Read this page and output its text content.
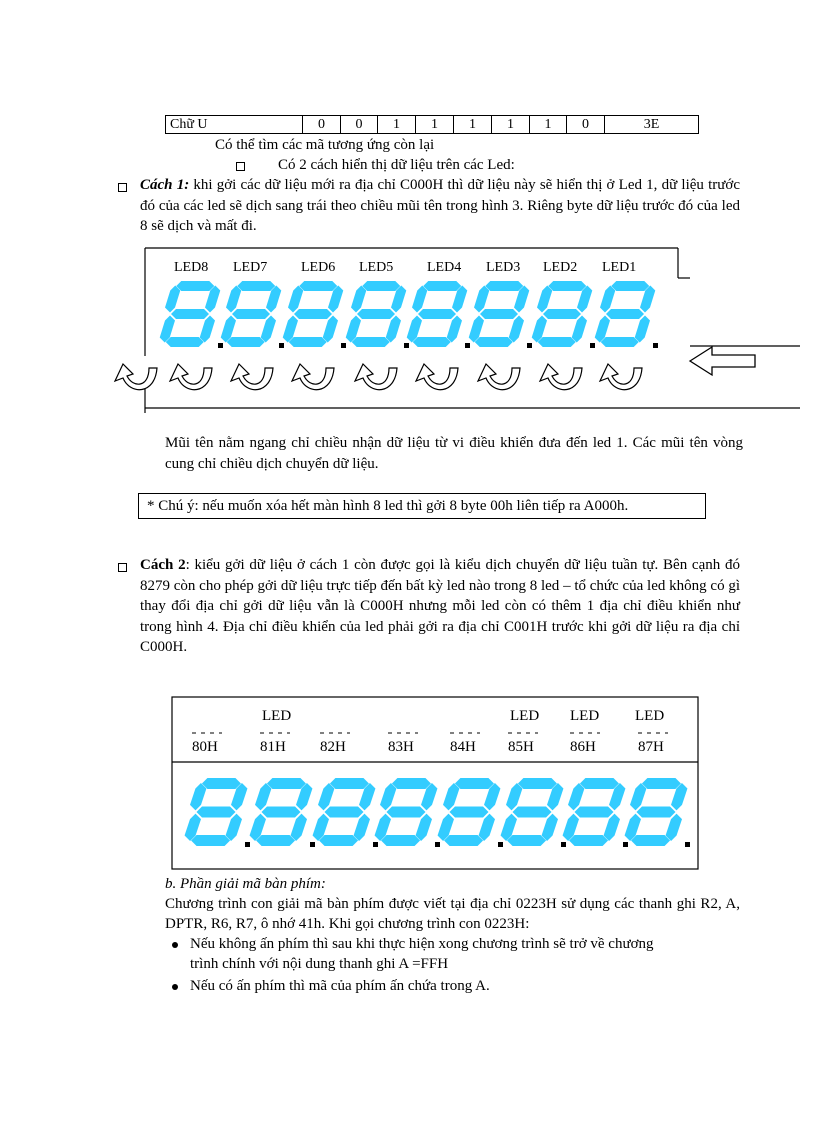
Chữ U	0	0	1	1	1	1	1	0	3E
Có thể tìm các mã tương ứng còn lại
Có 2 cách hiển thị dữ liệu trên các Led:
Cách 1: khi gởi các dữ liệu mới ra địa chỉ C000H thì dữ liệu này sẽ hiển thị ở Led 1, dữ liệu trước đó của các led sẽ dịch sang trái theo chiều mũi tên trong hình 3. Riêng byte dữ liệu trước đó của led 8 sẽ dịch và mất đi.
LED8 LED7 LED6 LED5 LED4 LED3 LED2 LED1
Mũi tên nằm ngang chỉ chiều nhận dữ liệu từ vi điều khiển đưa đến led 1. Các mũi tên vòng cung chỉ chiều dịch chuyển dữ liệu.
* Chú ý: nếu muốn xóa hết màn hình 8 led thì gởi 8 byte 00h liên tiếp ra A000h.
Cách 2: kiểu gởi dữ liệu ở cách 1 còn được gọi là kiểu dịch chuyển dữ liệu tuần tự. Bên cạnh đó 8279 còn cho phép gởi dữ liệu trực tiếp đến bất kỳ led nào trong 8 led – tổ chức của led không có gì thay đổi địa chỉ gởi dữ liệu vẫn là C000H nhưng mỗi led còn có thêm 1 địa chỉ điều khiển như trong hình 4. Địa chỉ điều khiển của led phải gởi ra địa chỉ C001H trước khi gởi dữ liệu ra địa chỉ C000H.
LED	LED LED LED
80H	81H 82H	83H 84H 85H 86H	87H
b. Phần giải mã bàn phím:
Chương trình con giải mã bàn phím được viết tại địa chỉ 0223H sử dụng các thanh ghi R2, A, DPTR, R6, R7, ô nhớ 41h. Khi gọi chương trình con 0223H:
Nếu không ấn phím thì sau khi thực hiện xong chương trình sẽ trở về chương trình chính với nội dung thanh ghi A =FFH
Nếu có ấn phím thì mã của phím ấn chứa trong A.
